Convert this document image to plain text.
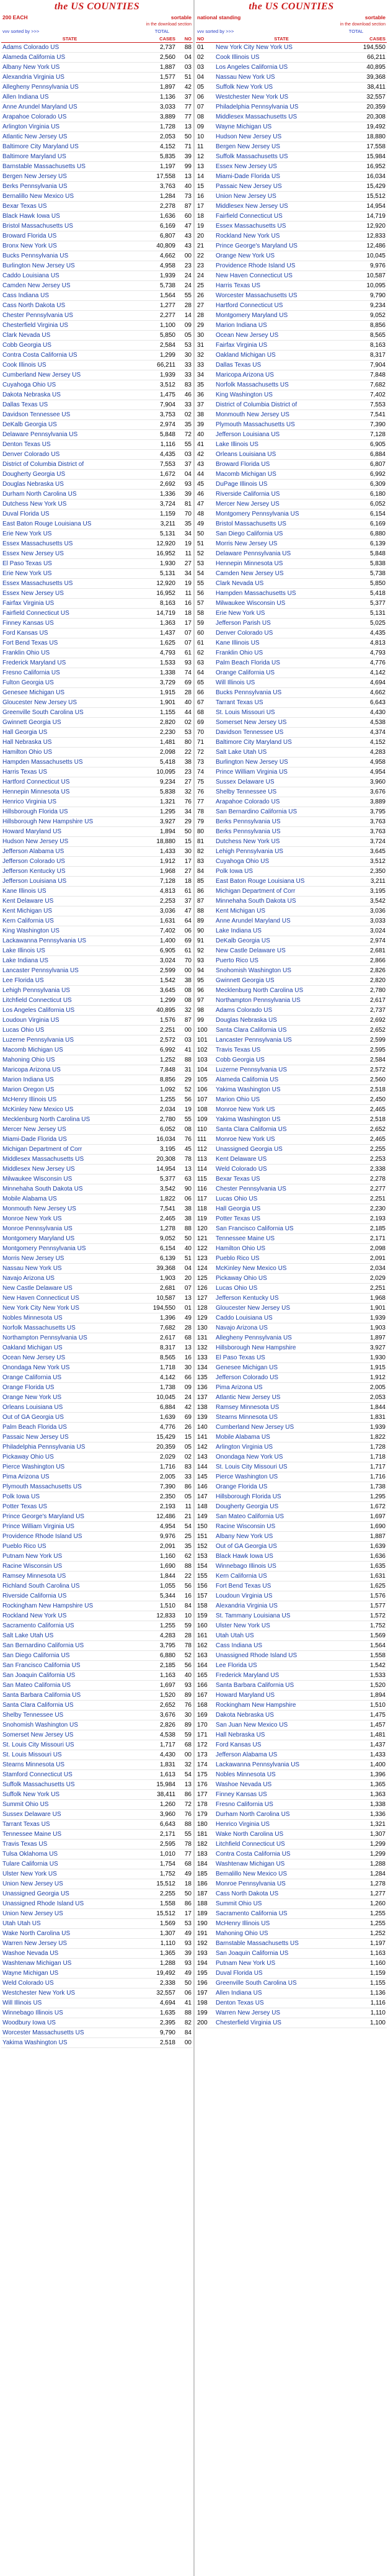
the US COUNTIES
200 EACH	sortable
in the download section
vvv sorted by >>>	TOTAL
STATE	CASES	NO
Adams Colorado US	2,737	88
Alameda California US	2,560	04
Albany New York US	1,887	03
Alexandria Virginia US	1,577	51
Allegheny Pennsylvania US	1,897	42
Allen Indiana US	1,136	37
Anne Arundel Maryland US	3,033	77
Arapahoe Colorado US	3,889	77
Arlington Virginia US	1,728	13
Atlantic New Jersey US	2,053	50
Baltimore City Maryland US	4,152	71
Baltimore Maryland US	5,835	39
Barnstable Massachusetts US	1,197	99
Bergen New Jersey US	17,558	13
Berks Pennsylvania US	3,763	40
Bernalillo New Mexico US	1,284	73
Bexar Texas US	2,278	87
Black Hawk Iowa US	1,636	60
Bristol Massachusetts US	6,169	47
Broward Florida US	6,807	43
Bronx New York US	40,809	43
Bucks Pennsylvania US	4,662	00
Burlington New Jersey US	4,958	23
Caddo Louisiana US	1,939	24
Camden New Jersey US	5,738	24
Cass Indiana US	1,564	55
Cass North Dakota US	1,277	28
Chester Pennsylvania US	2,277	14
Chesterfield Virginia US	1,100	09
Clark Nevada US	5,850	05
Cobb Georgia US	2,584	53
Contra Costa California US	1,299	30
Cook Illinois US	66,211	33
Cumberland New Jersey US	1,939	33
Cuyahoga Ohio US	3,512	83
Dakota Nebraska US	1,475	46
Dallas Texas US	7,904	33
Davidson Tennessee US	3,753	02
DeKalb Georgia US	2,974	35
Delaware Pennsylvania US	5,848	72
Denton Texas US	1,116	55
Denver Colorado US	4,435	03
District of Columbia District of	7,553	37
Dougherty Georgia US	1,672	04
Douglas Nebraska US	2,692	93
Durham North Carolina US	1,336	39
Dutchess New York US	3,724	81
Duval Florida US	1,159	70
East Baton Rouge Louisiana US	3,211	35
Erie New York US	5,131	34
Essex Massachusetts US	12,920	19
Essex New Jersey US	16,952	11
El Paso Texas US	1,930	27
Erie New York US	5,131	34
Essex Massachusetts US	12,920	19
Essex New Jersey US	16,952	11
Fairfax Virginia US	8,163	16
Fairfield Connecticut US	14,719	18
Finney Kansas US	1,363	17
Ford Kansas US	1,437	07
Fort Bend Texas US	1,625	07
Franklin Ohio US	4,793	61
Frederick Maryland US	1,533	93
Fresno California US	1,338	74
Fulton Georgia US	3,729	69
Genesee Michigan US	1,915	28
Gloucester New Jersey US	1,901	40
Greenville South Carolina US	1,155	44
Gwinnett Georgia US	2,820	02
Hall Georgia US	2,230	53
Hall Nebraska US	1,481	80
Hamilton Ohio US	2,098	22
Hampden Massachusetts US	5,418	38
Harris Texas US	10,095	23
Hartford Connecticut US	9,234	27
Hennepin Minnesota US	5,838	32
Henrico Virginia US	1,321	76
Hillsborough Florida US	1,295	34
Hillsborough New Hampshire US	3,927	29
Howard Maryland US	1,894	50
Hudson New Jersey US	18,880	15
Jefferson Alabama US	1,433	30
Jefferson Colorado US	1,912	17
Jefferson Kentucky US	1,968	27
Jefferson Louisiana US	7,128	18
Kane Illinois US	4,813	61
Kent Delaware US	2,253	37
Kent Michigan US	3,036	47
Kern California US	1,631	64
King Washington US	7,402	06
Lackawanna Pennsylvania US	1,400	69
Lake Illinois US	6,905	61
Lake Indiana US	3,024	70
Lancaster Pennsylvania US	2,599	00
Lee Florida US	1,542	38
Lehigh Pennsylvania US	3,645	08
Litchfield Connecticut US	1,299	08
Los Angeles California US	40,895	32
Loudoun Virginia US	1,576	87
Lucas Ohio US	2,251	00
Luzerne Pennsylvania US	2,572	03
Macomb Michigan US	6,992	41
Mahoning Ohio US	1,252	88
Maricopa Arizona US	7,848	31
Marion Indiana US	8,856	29
Marion Oregon US	1,092	52
McHenry Illinois US	1,255	56
McKinley New Mexico US	2,034	19
Mecklenburg North Carolina US	2,780	55
Mercer New Jersey US	6,052	08
Miami-Dade Florida US	16,034	76
Michigan Department of Corr	3,195	45
Middlesex Massachusetts US	20,308	78
Middlesex New Jersey US	14,954	13
Milwaukee Wisconsin US	5,377	63
Minnehaha South Dakota US	3,542	90
Mobile Alabama US	1,822	06
Monmouth New Jersey US	7,541	38
Monroe New York US	2,465	38
Monroe Pennsylvania US	1,278	88
Montgomery Maryland US	9,052	50
Montgomery Pennsylvania US	6,154	40
Morris New Jersey US	6,139	51
Nassau New York US	39,368	04
Navajo Arizona US	1,903	20
New Castle Delaware US	2,681	07
New Haven Connecticut US	10,587	13
New York City New York US	194,550	01
Nobles Minnesota US	1,396	49
Norfolk Massachusetts US	7,682	28
Northampton Pennsylvania US	2,617	68
Oakland Michigan US	8,317	13
Ocean New Jersey US	8,565	16
Onondaga New York US	1,718	30
Orange California US	4,142	66
Orange Florida US	1,738	09
Orange New York US	10,045	24
Orleans Louisiana US	6,884	42
Out of GA Georgia US	1,639	69
Palm Beach Florida US	4,776	26
Passaic New Jersey US	15,429	15
Philadelphia Pennsylvania US	20,359	05
Pickaway Ohio US	2,029	02
Pierce Washington US	1,716	83
Pima Arizona US	2,005	33
Plymouth Massachusetts US	7,390	86
Polk Iowa US	2,350	05
Potter Texas US	2,193	11
Prince George's Maryland US	12,486	21
Prince William Virginia US	4,954	54
Providence Rhode Island US	9,976	25
Pueblo Rico US	2,091	35
Putnam New York US	1,160	62
Racine Wisconsin US	1,690	88
Ramsey Minnesota US	1,844	22
Richland South Carolina US	1,055	56
Riverside California US	5,344	16
Rockingham New Hampshire US	1,510	84
Rockland New York US	12,833	10
Sacramento California US	1,255	59
Salt Lake Utah US	4,283	28
San Bernardino California US	3,795	78
San Diego California US	6,880	52
San Francisco California US	2,185	56
San Joaquin California US	1,163	40
San Mateo California US	1,697	93
Santa Barbara California US	1,520	89
Santa Clara California US	2,652	76
Shelby Tennessee US	3,676	30
Snohomish Washington US	2,826	89
Somerset New Jersey US	4,538	59
St. Louis City Missouri US	1,717	68
St. Louis Missouri US	4,430	00
Stearns Minnesota US	1,831	32
Stamford Connecticut US	1,613	54
Suffolk Massachusetts US	15,984	13
Suffolk New York US	38,411	86
Summit Ohio US	1,260	72
Sussex Delaware US	3,960	76
Tarrant Texas US	6,643	88
Tennessee Maine US	2,171	55
Travis Texas US	2,595	78
Tulsa Oklahoma US	1,010	77
Tulare California US	1,754	68
Ulster New York US	1,752	49
Union New Jersey US	15,512	18
Unassigned Georgia US	2,255	50
Unassigned Rhode Island US	1,558	86
Union New Jersey US	15,512	17
Utah Utah US	1,569	53
Wake North Carolina US	1,307	49
Warren New Jersey US	1,110	93
Washoe Nevada US	1,365	39
Washtenaw Michigan US	1,288	93
Wayne Michigan US	19,492	49
Weld Colorado US	2,338	50
Westchester New York US	32,557	06
Will Illinois US	4,694	41
Winnebago Illinois US	1,635	88
Woodbury Iowa US	2,395	82
Worcester Massachusetts US	9,790	84
Yakima Washington US	2,518	00
the US COUNTIES
national standing	sortable
in the download section
vvv sorted by >>>	TOTAL
NO	STATE	CASES
01	New York City New York US	194,550
02	Cook Illinois US	66,211
03	Los Angeles California US	40,895
04	Nassau New York US	39,368
05	Suffolk New York US	38,411
06	Westchester New York US	32,557
07	Philadelphia Pennsylvania US	20,359
08	Middlesex Massachusetts US	20,308
09	Wayne Michigan US	19,492
10	Hudson New Jersey US	18,880
11	Bergen New Jersey US	17,558
12	Suffolk Massachusetts US	15,984
13	Essex New Jersey US	16,952
14	Miami-Dade Florida US	16,034
15	Passaic New Jersey US	15,429
16	Union New Jersey US	15,512
17	Middlesex New Jersey US	14,954
18	Fairfield Connecticut US	14,719
19	Essex Massachusetts US	12,920
20	Rockland New York US	12,833
21	Prince George's Maryland US	12,486
22	Orange New York US	10,045
23	Providence Rhode Island US	9,976
24	New Haven Connecticut US	10,587
25	Harris Texas US	10,095
26	Worcester Massachusetts US	9,790
27	Hartford Connecticut US	9,234
28	Montgomery Maryland US	9,052
29	Marion Indiana US	8,856
30	Ocean New Jersey US	8,565
31	Fairfax Virginia US	8,163
32	Oakland Michigan US	8,317
33	Dallas Texas US	7,904
34	Maricopa Arizona US	7,848
35	Norfolk Massachusetts US	7,682
36	King Washington US	7,402
37	District of Columbia District of	7,553
38	Monmouth New Jersey US	7,541
39	Plymouth Massachusetts US	7,390
40	Jefferson Louisiana US	7,128
41	Lake Illinois US	6,905
42	Orleans Louisiana US	6,884
43	Broward Florida US	6,807
44	Macomb Michigan US	6,992
45	DuPage Illinois US	6,309
46	Riverside California US	6,180
47	Mercer New Jersey US	6,052
48	Montgomery Pennsylvania US	6,154
49	Bristol Massachusetts US	6,169
50	San Diego California US	6,880
51	Morris New Jersey US	6,139
52	Delaware Pennsylvania US	5,848
53	Hennepin Minnesota US	5,838
54	Camden New Jersey US	5,738
55	Clark Nevada US	5,850
56	Hampden Massachusetts US	5,418
57	Milwaukee Wisconsin US	5,377
58	Erie New York US	5,131
59	Jefferson Parish US	5,025
60	Denver Colorado US	4,435
61	Kane Illinois US	4,813
62	Franklin Ohio US	4,793
63	Palm Beach Florida US	4,776
64	Orange California US	4,142
65	Will Illinois US	4,694
66	Bucks Pennsylvania US	4,662
67	Tarrant Texas US	6,643
68	St. Louis Missouri US	4,430
69	Somerset New Jersey US	4,538
70	Davidson Tennessee US	4,374
71	Baltimore City Maryland US	4,152
72	Salt Lake Utah US	4,283
73	Burlington New Jersey US	4,958
74	Prince William Virginia US	4,954
75	Sussex Delaware US	3,960
76	Shelby Tennessee US	3,676
77	Arapahoe Colorado US	3,889
78	San Bernardino California US	3,795
79	Berks Pennsylvania US	3,763
80	Berks Pennsylvania US	3,763
81	Dutchess New York US	3,724
82	Lehigh Pennsylvania US	3,645
83	Cuyahoga Ohio US	3,512
84	Polk Iowa US	2,350
85	East Baton Rouge Louisiana US	3,211
86	Michigan Department of Corr	3,195
87	Minnehaha South Dakota US	3,542
88	Kent Michigan US	3,036
89	Anne Arundel Maryland US	3,033
90	Lake Indiana US	3,024
91	DeKalb Georgia US	2,974
92	New Castle Delaware US	2,681
93	Puerto Rico US	2,866
94	Snohomish Washington US	2,826
95	Gwinnett Georgia US	2,820
96	Mecklenburg North Carolina US	2,780
97	Northampton Pennsylvania US	2,617
98	Adams Colorado US	2,737
99	Douglas Nebraska US	2,692
100	Santa Clara California US	2,652
101	Lancaster Pennsylvania US	2,599
102	Travis Texas US	2,595
103	Cobb Georgia US	2,584
104	Luzerne Pennsylvania US	2,572
105	Alameda California US	2,560
106	Yakima Washington US	2,518
107	Marion Ohio US	2,450
108	Monroe New York US	2,465
109	Yakima Washington US	2,518
110	Santa Clara California US	2,652
111	Monroe New York US	2,465
112	Unassigned Georgia US	2,255
113	Kent Delaware US	2,253
114	Weld Colorado US	2,338
115	Bexar Texas US	2,278
116	Chester Pennsylvania US	2,277
117	Lucas Ohio US	2,251
118	Hall Georgia US	2,230
119	Potter Texas US	2,193
120	San Francisco California US	2,185
121	Tennessee Maine US	2,171
122	Hamilton Ohio US	2,098
123	Pueblo Rico US	2,091
124	McKinley New Mexico US	2,034
125	Pickaway Ohio US	2,029
126	Lucas Ohio US	2,251
127	Jefferson Kentucky US	1,968
128	Gloucester New Jersey US	1,901
129	Caddo Louisiana US	1,939
130	Navajo Arizona US	1,903
131	Allegheny Pennsylvania US	1,897
132	Hillsborough New Hampshire	3,927
133	El Paso Texas US	1,930
134	Genesee Michigan US	1,915
135	Jefferson Colorado US	1,912
136	Pima Arizona US	2,005
137	Atlantic New Jersey US	2,053
138	Ramsey Minnesota US	1,844
139	Stearns Minnesota US	1,831
140	Cumberland New Jersey US	1,939
141	Mobile Alabama US	1,822
142	Arlington Virginia US	1,728
143	Onondaga New York US	1,718
144	St. Louis City Missouri US	1,717
145	Pierce Washington US	1,716
146	Orange Florida US	1,738
147	Hillsborough Florida US	1,295
148	Dougherty Georgia US	1,672
149	San Mateo California US	1,697
150	Racine Wisconsin US	1,690
151	Albany New York US	1,887
152	Out of GA Georgia US	1,639
153	Black Hawk Iowa US	1,636
154	Winnebago Illinois US	1,635
155	Kern California US	1,631
156	Fort Bend Texas US	1,625
157	Loudoun Virginia US	1,576
158	Alexandria Virginia US	1,577
159	St. Tammany Louisiana US	1,572
160	Ulster New York US	1,752
161	Utah Utah US	1,569
162	Cass Indiana US	1,564
163	Unassigned Rhode Island US	1,558
164	Lee Florida US	1,542
165	Frederick Maryland US	1,533
166	Santa Barbara California US	1,520
167	Howard Maryland US	1,894
168	Rockingham New Hampshire	1,510
169	Dakota Nebraska US	1,475
170	San Juan New Mexico US	1,457
171	Hall Nebraska US	1,481
172	Ford Kansas US	1,437
173	Jefferson Alabama US	1,433
174	Lackawanna Pennsylvania US	1,400
175	Nobles Minnesota US	1,396
176	Washoe Nevada US	1,365
177	Finney Kansas US	1,363
178	Fresno California US	1,338
179	Durham North Carolina US	1,336
180	Henrico Virginia US	1,321
181	Wake North Carolina US	1,307
182	Litchfield Connecticut US	1,299
183	Contra Costa California US	1,299
184	Washtenaw Michigan US	1,288
185	Bernalillo New Mexico US	1,284
186	Monroe Pennsylvania US	1,278
187	Cass North Dakota US	1,277
188	Summit Ohio US	1,260
189	Sacramento California US	1,255
190	McHenry Illinois US	1,255
191	Mahoning Ohio US	1,252
192	Barnstable Massachusetts US	1,197
193	San Joaquin California US	1,163
194	Putnam New York US	1,160
195	Duval Florida US	1,159
196	Greenville South Carolina US	1,155
197	Allen Indiana US	1,136
198	Denton Texas US	1,116
199	Warren New Jersey US	1,110
200	Chesterfield Virginia US	1,100
